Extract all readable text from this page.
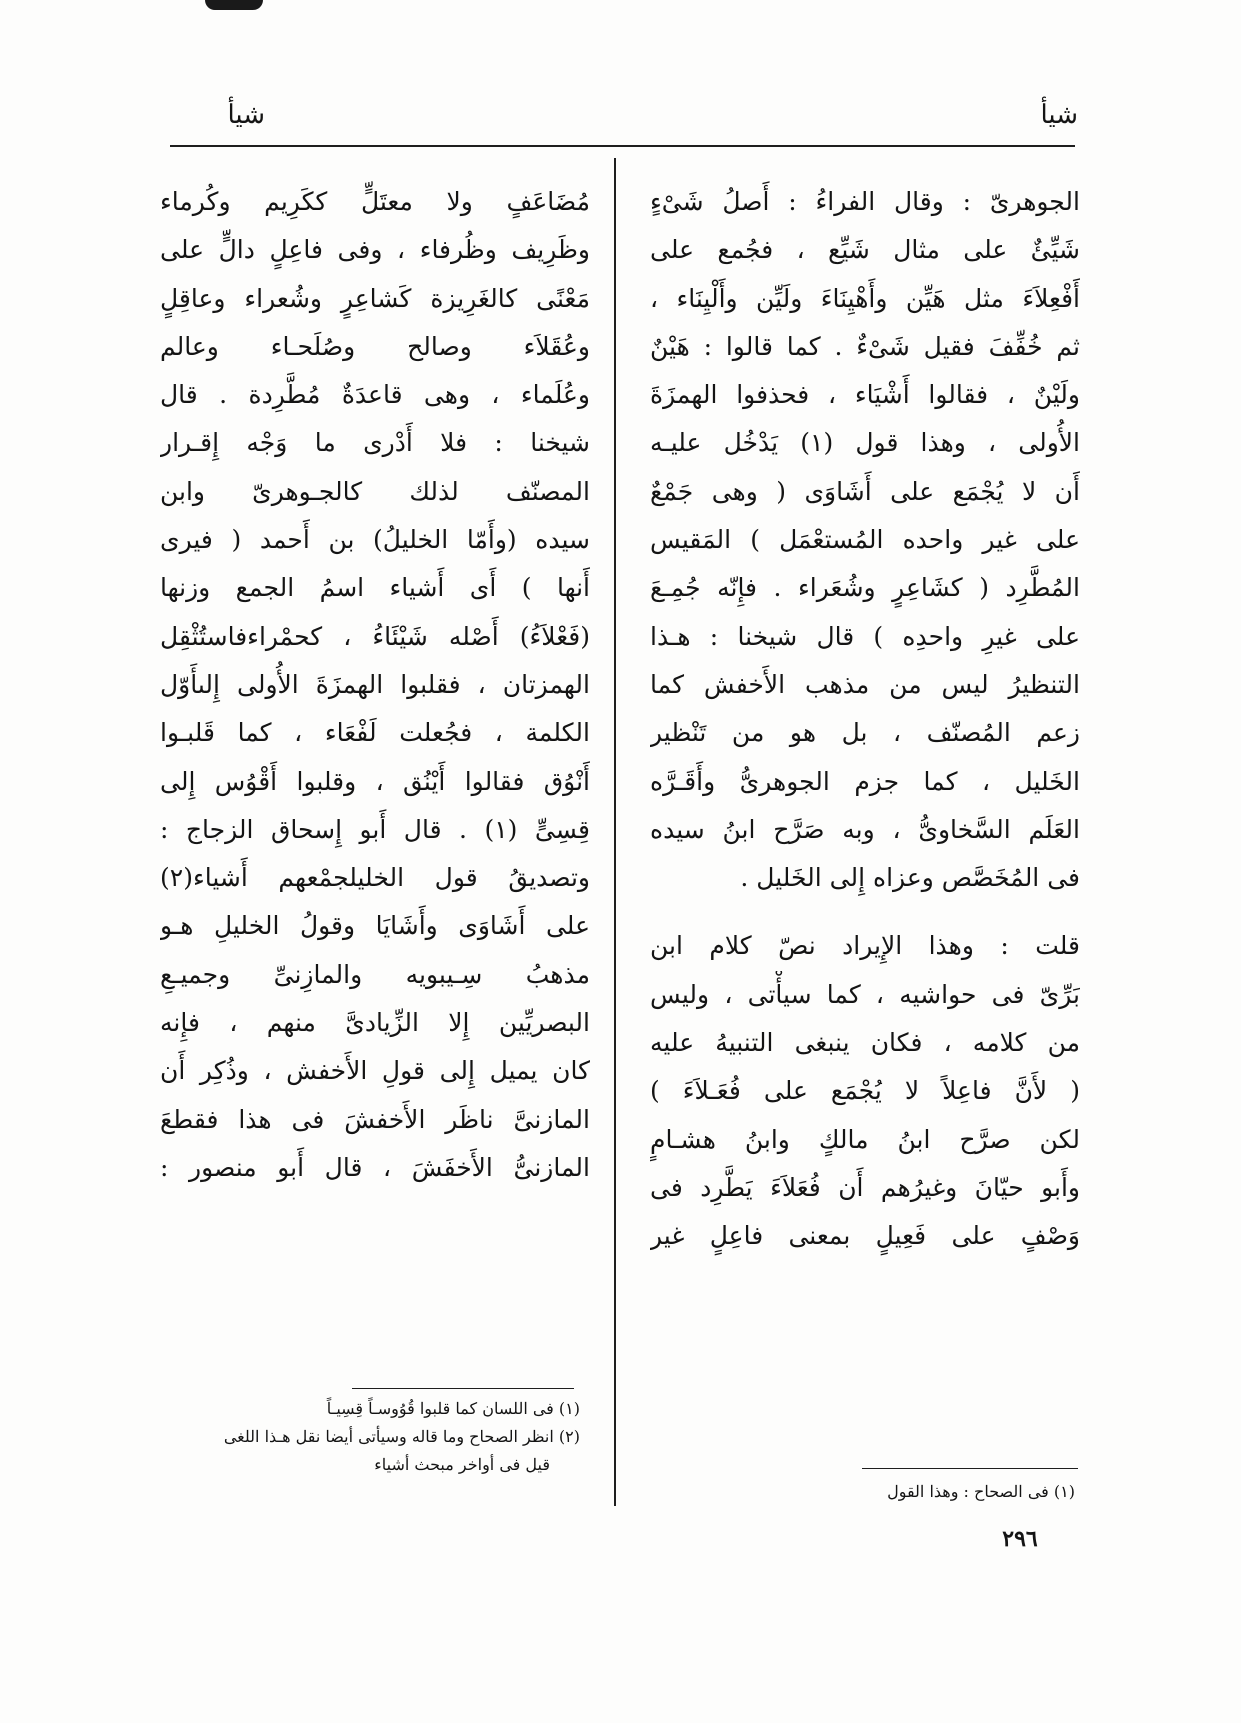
شيأ
شيأ
الجوهرىّ : وقال الفراءُ : أَصلُ شَىْءٍ
شَيِّئٌ على مثال شَيِّع ، فجُمع على
أَفْعِلاَءَ مثل هَيِّن وأَهْيِنَاءَ ولَيِّن وأَلْيِنَاء ،
ثم خُفِّفَ فقيل شَىْءٌ . كما قالوا : هَيْنٌ
ولَيْنٌ ، فقالوا أَشْيَاء ، فحذفوا الهمزَةَ
الأُولى ، وهذا قول (١) يَدْخُل عليـه
أَن لا يُجْمَع على أَشَاوَى ( وهى جَمْعٌ
على غير واحده المُستعْمَل ) المَقيس
المُطَّرِد ( كشَاعِرٍ وشُعَراء . فإِنّه جُمِـعَ
على غيرِ واحدِه ) قال شيخنا : هـذا
التنظيرُ ليس من مذهب الأَخفش كما
زعم المُصنّف ، بل هو من تَنْظير
الخَليل ، كما جزم الجوهرىُّ وأَقَـرَّه
العَلَم السَّخاوىُّ ، وبه صَرَّح ابنُ سيده
فى المُخَصَّص وعزاه إِلى الخَليل .
قلت : وهذا الإِيراد نصّ كلام ابن
بَرِّىّ فى حواشيه ، كما سيأْتى ، وليس
من كلامه ، فكان ينبغى التنبيهُ عليه
( لأَنَّ فاعِلاً لا يُجْمَع على فُعَـلاَءَ )
لكن صرَّح ابنُ مالكٍ وابنُ هشـامٍ
وأَبو حيّانَ وغيرُهم أَن فُعَلاَءَ يَطَّرِد فى
وَصْفٍ على فَعِيلٍ بمعنى فاعِلٍ غير
(١) فى الصحاح : وهذا القول
مُضَاعَفٍ ولا معتَلٍّ ككَرِيم وكُرماء
وظَرِيف وظُرفاء ، وفى فاعِلٍ دالٍّ على
مَعْنًى كالغَرِيزة كَشاعِرٍ وشُعراء وعاقِلٍ
وعُقَلاَء وصالح وصُلَحـاء وعالم
وعُلَماء ، وهى قاعدَةٌ مُطَّرِدة . قال
شيخنا : فلا أَدْرى ما وَجْه إِقـرار
المصنّف لذلك كالجـوهرىّ وابن
سيده (وأَمّا الخليلُ) بن أَحمد ( فيرى
أَنها ) أَى أَشياء اسمُ الجمع وزنها
(فَعْلاَءُ) أَصْله شَيْئَاءُ ، كحمْراءفاستُثْقِل
الهمزتان ، فقلبوا الهمزَةَ الأُولى إِلىأَوّل
الكلمة ، فجُعلت لَفْعَاء ، كما قَلبـوا
أَنْوُق فقالوا أَيْنُق ، وقلبوا أَقْوُس إِلى
قِسِىٍّ (١) . قال أَبو إِسحاق الزجاج :
وتصديقُ قول الخليلجمْعهم أَشياء(٢)
على أَشَاوَى وأَشَايَا وقولُ الخليلِ هـو
مذهبُ سِـيبويه والمازِنىِّ وجميـعِ
البصريِّين إِلا الزِّيادىَّ منهم ، فإِنه
كان يميل إِلى قولِ الأَخفش ، وذُكِر أَن
المازنىَّ ناظَر الأَخفشَ فى هذا فقطعَ
المازنىُّ الأَخفَشَ ، قال أَبو منصور :
(١) فى اللسان كما قلبوا قُوُوسـاً قِسِيـاً
(٢) انظر الصحاح وما قاله وسيأتى أيضا نقل هـذا اللغى
قيل فى أواخر مبحث أشياء
٢٩٦
